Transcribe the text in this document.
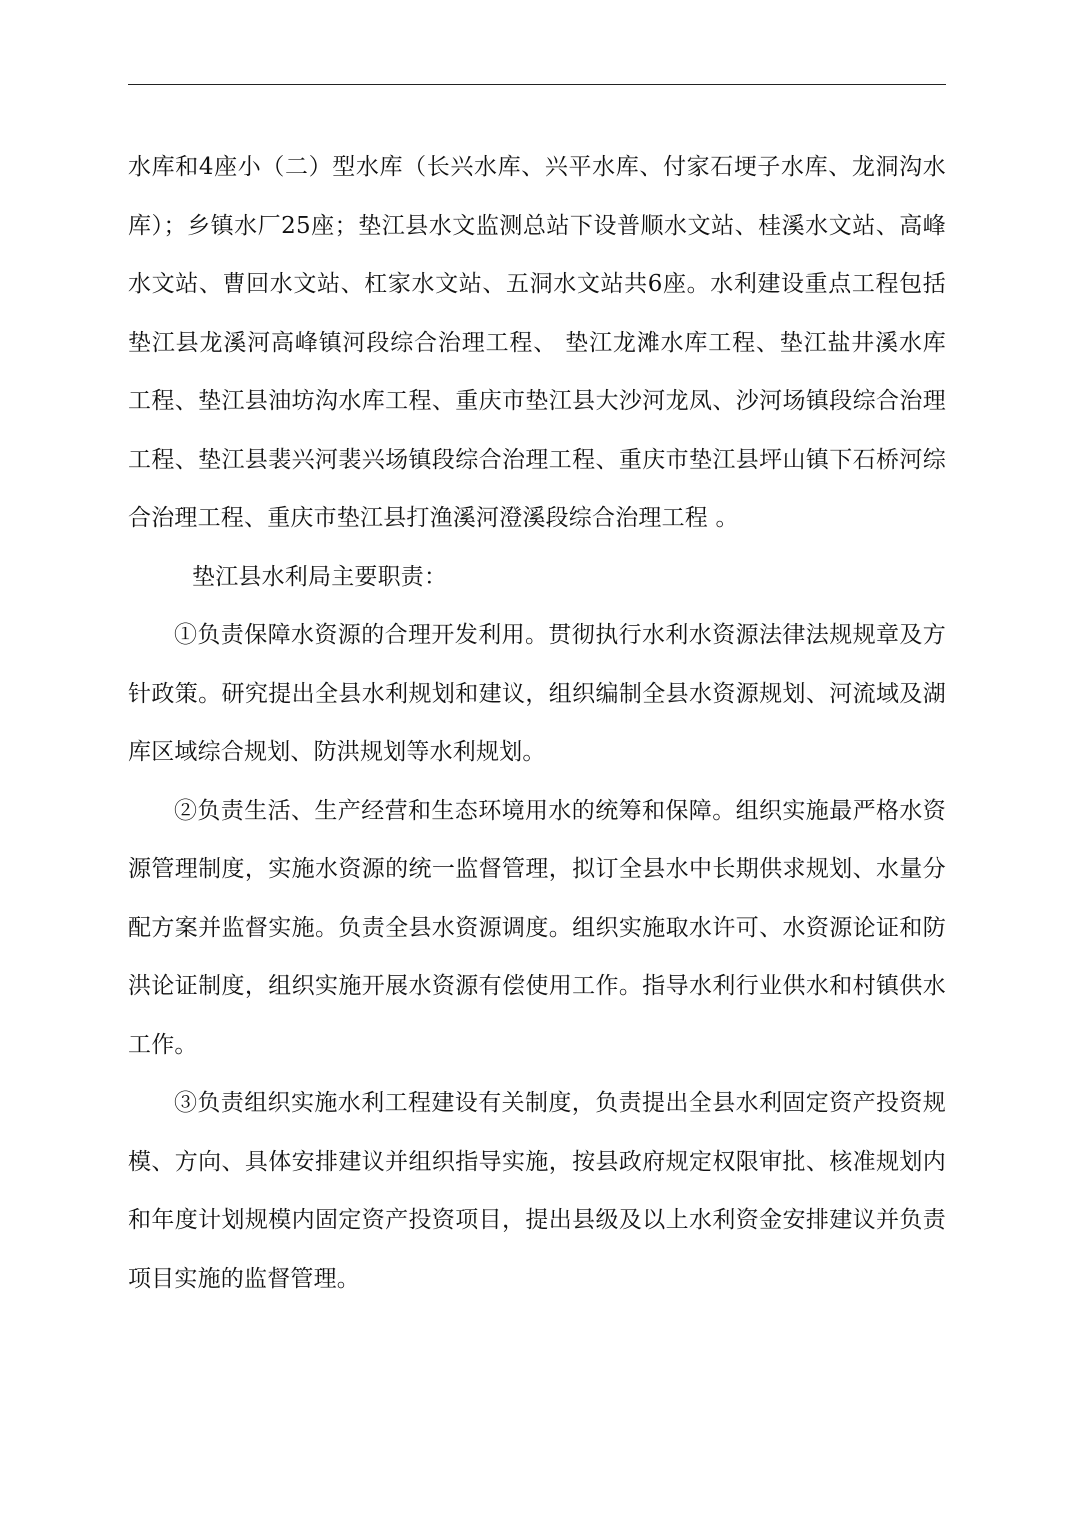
水库和4座小（二）型水库（长兴水库、兴平水库、付家石埂子水库、龙洞沟水库）；乡镇水厂25座；垫江县水文监测总站下设普顺水文站、桂溪水文站、高峰水文站、曹回水文站、杠家水文站、五洞水文站共6座。水利建设重点工程包括垫江县龙溪河高峰镇河段综合治理工程、 垫江龙滩水库工程、垫江盐井溪水库工程、垫江县油坊沟水库工程、重庆市垫江县大沙河龙凤、沙河场镇段综合治理工程、垫江县裴兴河裴兴场镇段综合治理工程、重庆市垫江县坪山镇下石桥河综合治理工程、重庆市垫江县打渔溪河澄溪段综合治理工程 。

垫江县水利局主要职责：

①负责保障水资源的合理开发利用。贯彻执行水利水资源法律法规规章及方针政策。研究提出全县水利规划和建议，组织编制全县水资源规划、河流域及湖库区域综合规划、防洪规划等水利规划。

②负责生活、生产经营和生态环境用水的统筹和保障。组织实施最严格水资源管理制度，实施水资源的统一监督管理，拟订全县水中长期供求规划、水量分配方案并监督实施。负责全县水资源调度。组织实施取水许可、水资源论证和防洪论证制度，组织实施开展水资源有偿使用工作。指导水利行业供水和村镇供水工作。

③负责组织实施水利工程建设有关制度，负责提出全县水利固定资产投资规模、方向、具体安排建议并组织指导实施，按县政府规定权限审批、核准规划内和年度计划规模内固定资产投资项目，提出县级及以上水利资金安排建议并负责项目实施的监督管理。
